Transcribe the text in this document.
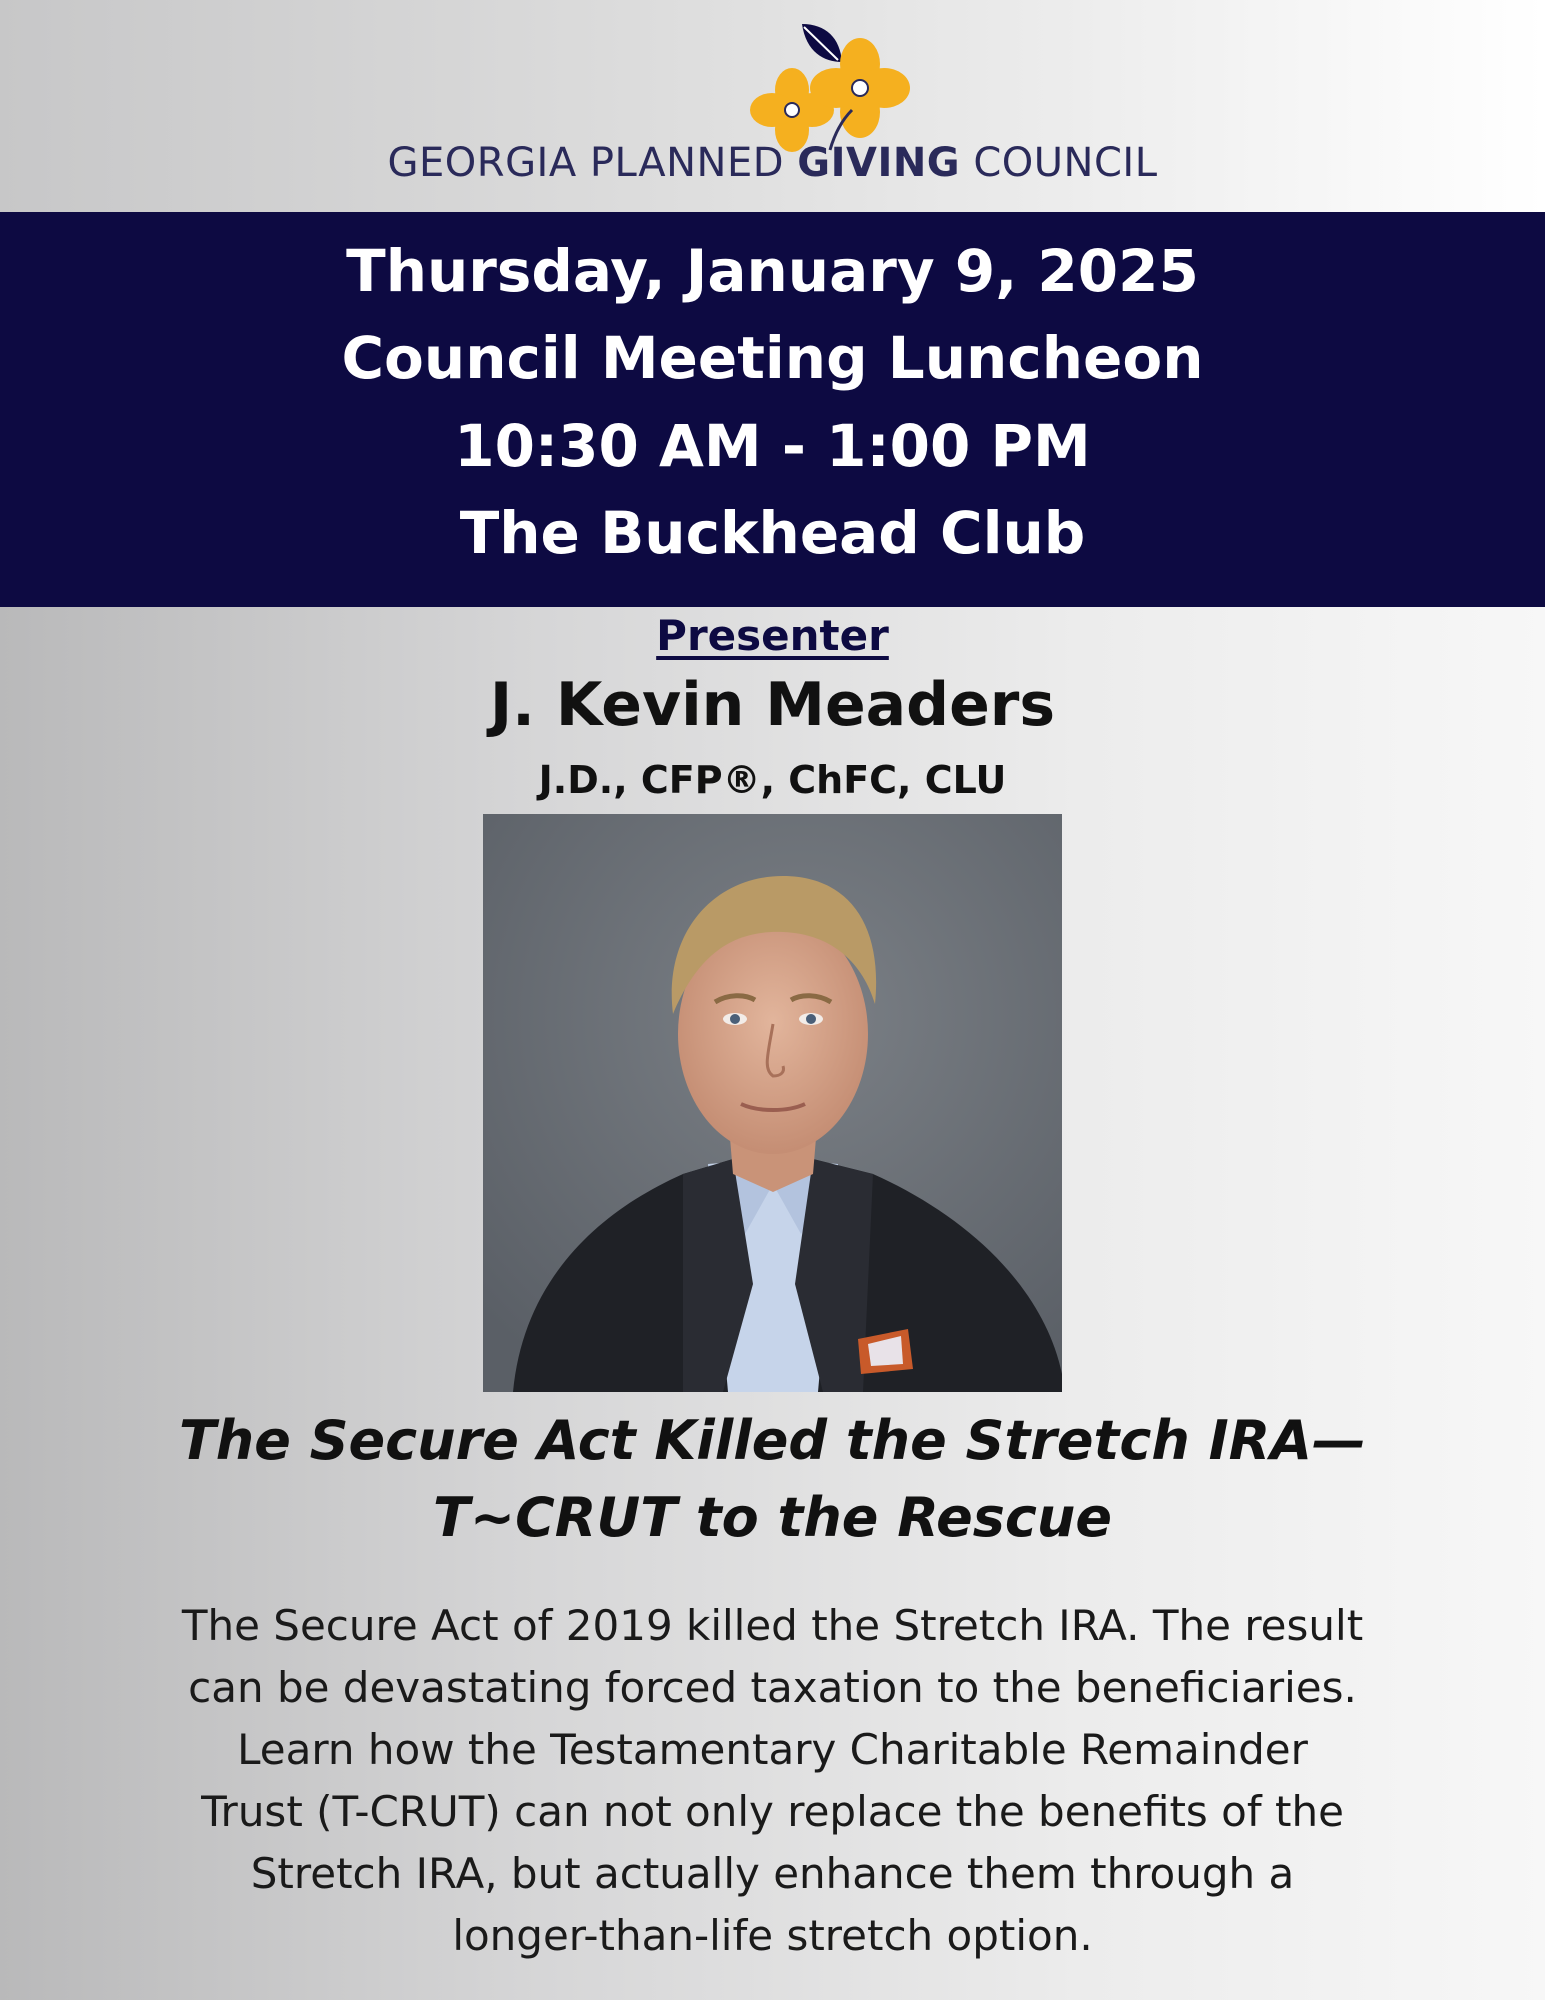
GEORGIA PLANNED GIVING COUNCIL
Thursday, January 9, 2025
Council Meeting Luncheon
10:30 AM - 1:00 PM
The Buckhead Club
Presenter
J. Kevin Meaders
J.D., CFP®, ChFC, CLU
The Secure Act Killed the Stretch IRA—
T~CRUT to the Rescue
The Secure Act of 2019 killed the Stretch IRA. The result
can be devastating forced taxation to the beneficiaries.
Learn how the Testamentary Charitable Remainder
Trust (T-CRUT) can not only replace the benefits of the
Stretch IRA, but actually enhance them through a
longer-than-life stretch option.
